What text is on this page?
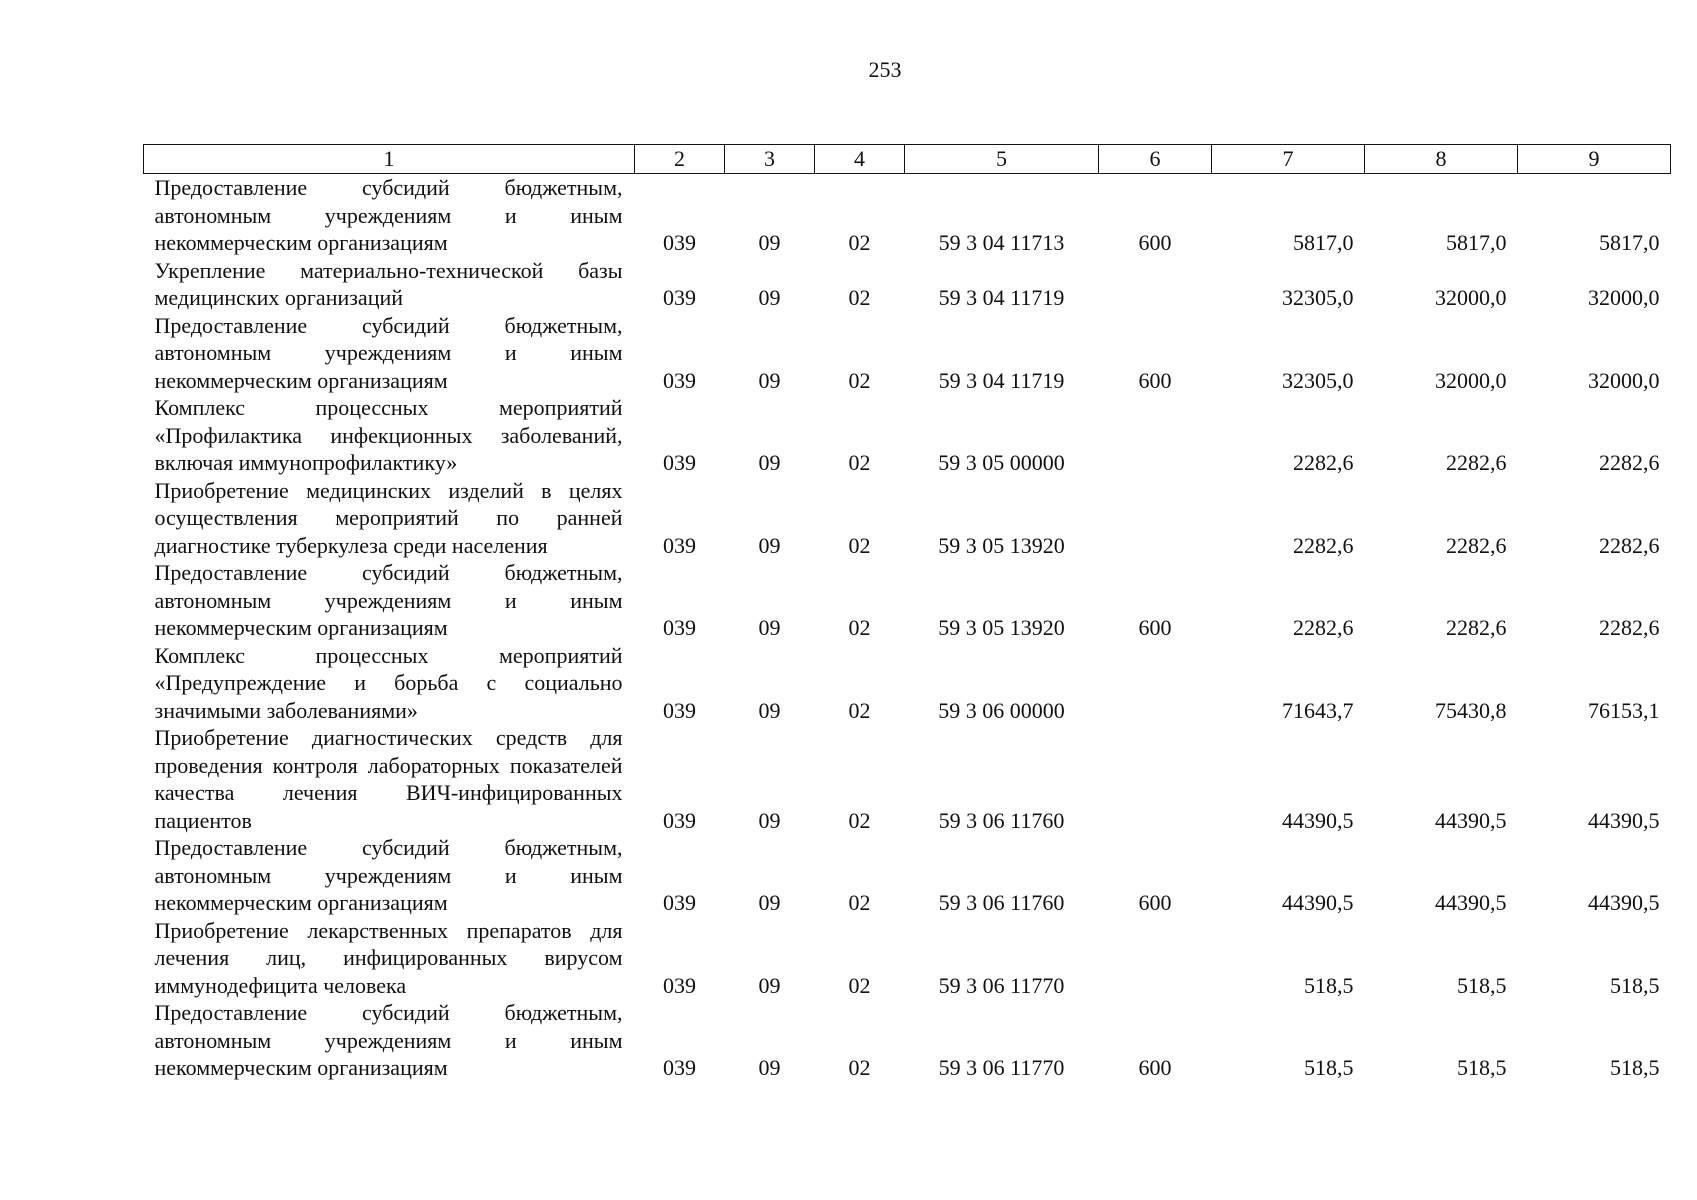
253
1	2	3	4	5	6	7	8	9
Предоставление субсидий бюджетным, автономным учреждениям и иным некоммерческим организациям	039	09	02	59 3 04 11713	600	5817,0	5817,0	5817,0
Укрепление материально-технической базы медицинских организаций	039	09	02	59 3 04 11719		32305,0	32000,0	32000,0
Предоставление субсидий бюджетным, автономным учреждениям и иным некоммерческим организациям	039	09	02	59 3 04 11719	600	32305,0	32000,0	32000,0
Комплекс процессных мероприятий «Профилактика инфекционных заболеваний, включая иммунопрофилактику»	039	09	02	59 3 05 00000		2282,6	2282,6	2282,6
Приобретение медицинских изделий в целях осуществления мероприятий по ранней диагностике туберкулеза среди населения	039	09	02	59 3 05 13920		2282,6	2282,6	2282,6
Предоставление субсидий бюджетным, автономным учреждениям и иным некоммерческим организациям	039	09	02	59 3 05 13920	600	2282,6	2282,6	2282,6
Комплекс процессных мероприятий «Предупреждение и борьба с социально значимыми заболеваниями»	039	09	02	59 3 06 00000		71643,7	75430,8	76153,1
Приобретение диагностических средств для проведения контроля лабораторных показателей качества лечения ВИЧ-инфицированных пациентов	039	09	02	59 3 06 11760		44390,5	44390,5	44390,5
Предоставление субсидий бюджетным, автономным учреждениям и иным некоммерческим организациям	039	09	02	59 3 06 11760	600	44390,5	44390,5	44390,5
Приобретение лекарственных препаратов для лечения лиц, инфицированных вирусом иммунодефицита человека	039	09	02	59 3 06 11770		518,5	518,5	518,5
Предоставление субсидий бюджетным, автономным учреждениям и иным некоммерческим организациям	039	09	02	59 3 06 11770	600	518,5	518,5	518,5
